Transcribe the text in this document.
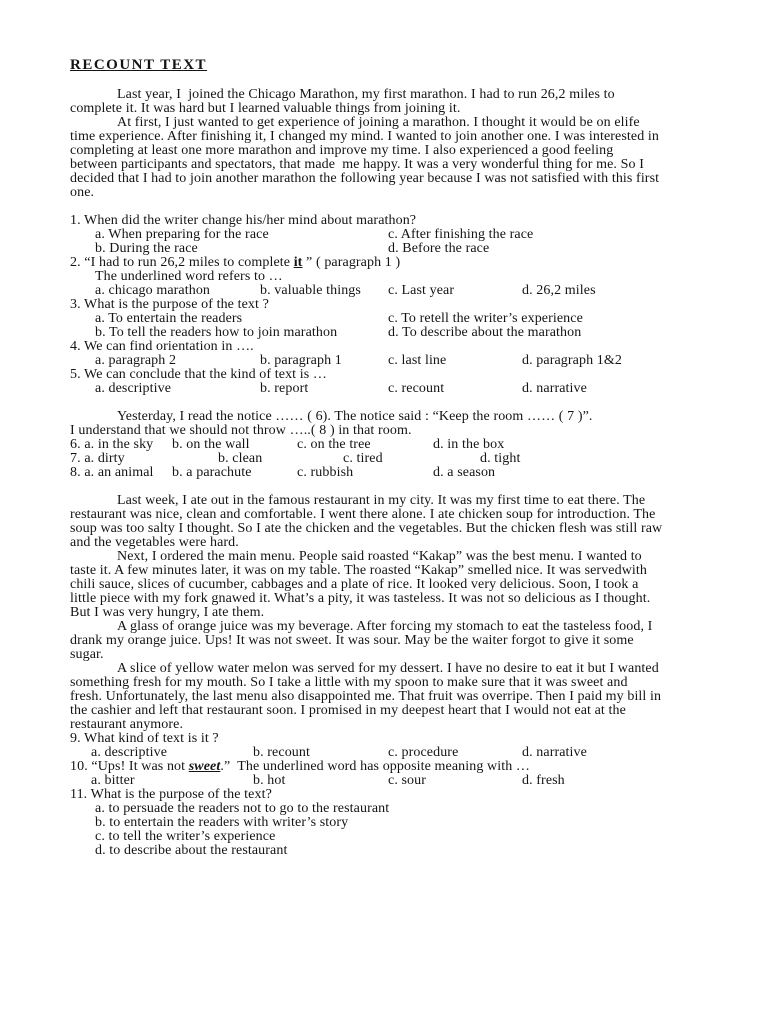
RECOUNT TEXT
Last year, I  joined the Chicago Marathon, my first marathon. I had to run 26,2 miles to
complete it. It was hard but I learned valuable things from joining it.
At first, I just wanted to get experience of joining a marathon. I thought it would be on elife
time experience. After finishing it, I changed my mind. I wanted to join another one. I was interested in
completing at least one more marathon and improve my time. I also experienced a good feeling
between participants and spectators, that made  me happy. It was a very wonderful thing for me. So I
decided that I had to join another marathon the following year because I was not satisfied with this first
one.
1. When did the writer change his/her mind about marathon?
a. When preparing for the race	c. After finishing the race
b. During the race	d. Before the race
2. “I had to run 26,2 miles to complete it ” ( paragraph 1 )
The underlined word refers to …
a. chicago marathon	b. valuable things c. Last year	d. 26,2 miles
3. What is the purpose of the text ?
a. To entertain the readers	c. To retell the writer’s experience
b. To tell the readers how to join marathon	d. To describe about the marathon
4. We can find orientation in ….
a. paragraph 2	b. paragraph 1	c. last line	d. paragraph 1&2
5. We can conclude that the kind of text is …
a. descriptive	b. report	c. recount	d. narrative
Yesterday, I read the notice …… ( 6). The notice said : “Keep the room …… ( 7 )”.
I understand that we should not throw …..( 8 ) in that room.
6. a. in the sky b. on the wall	c. on the tree	d. in the box
7. a. dirty	b. clean	c. tired	d. tight
8. a. an animal b. a parachute	c. rubbish	d. a season
Last week, I ate out in the famous restaurant in my city. It was my first time to eat there. The
restaurant was nice, clean and comfortable. I went there alone. I ate chicken soup for introduction. The
soup was too salty I thought. So I ate the chicken and the vegetables. But the chicken flesh was still raw
and the vegetables were hard.
Next, I ordered the main menu. People said roasted “Kakap” was the best menu. I wanted to
taste it. A few minutes later, it was on my table. The roasted “Kakap” smelled nice. It was servedwith
chili sauce, slices of cucumber, cabbages and a plate of rice. It looked very delicious. Soon, I took a
little piece with my fork gnawed it. What’s a pity, it was tasteless. It was not so delicious as I thought.
But I was very hungry, I ate them.
A glass of orange juice was my beverage. After forcing my stomach to eat the tasteless food, I
drank my orange juice. Ups! It was not sweet. It was sour. May be the waiter forgot to give it some
sugar.
A slice of yellow water melon was served for my dessert. I have no desire to eat it but I wanted
something fresh for my mouth. So I take a little with my spoon to make sure that it was sweet and
fresh. Unfortunately, the last menu also disappointed me. That fruit was overripe. Then I paid my bill in
the cashier and left that restaurant soon. I promised in my deepest heart that I would not eat at the
restaurant anymore.
9. What kind of text is it ?
a. descriptive	b. recount	c. procedure	d. narrative
10. “Ups! It was not sweet.”  The underlined word has opposite meaning with …
a. bitter	b. hot	c. sour	d. fresh
11. What is the purpose of the text?
a. to persuade the readers not to go to the restaurant
b. to entertain the readers with writer’s story
c. to tell the writer’s experience
d. to describe about the restaurant
